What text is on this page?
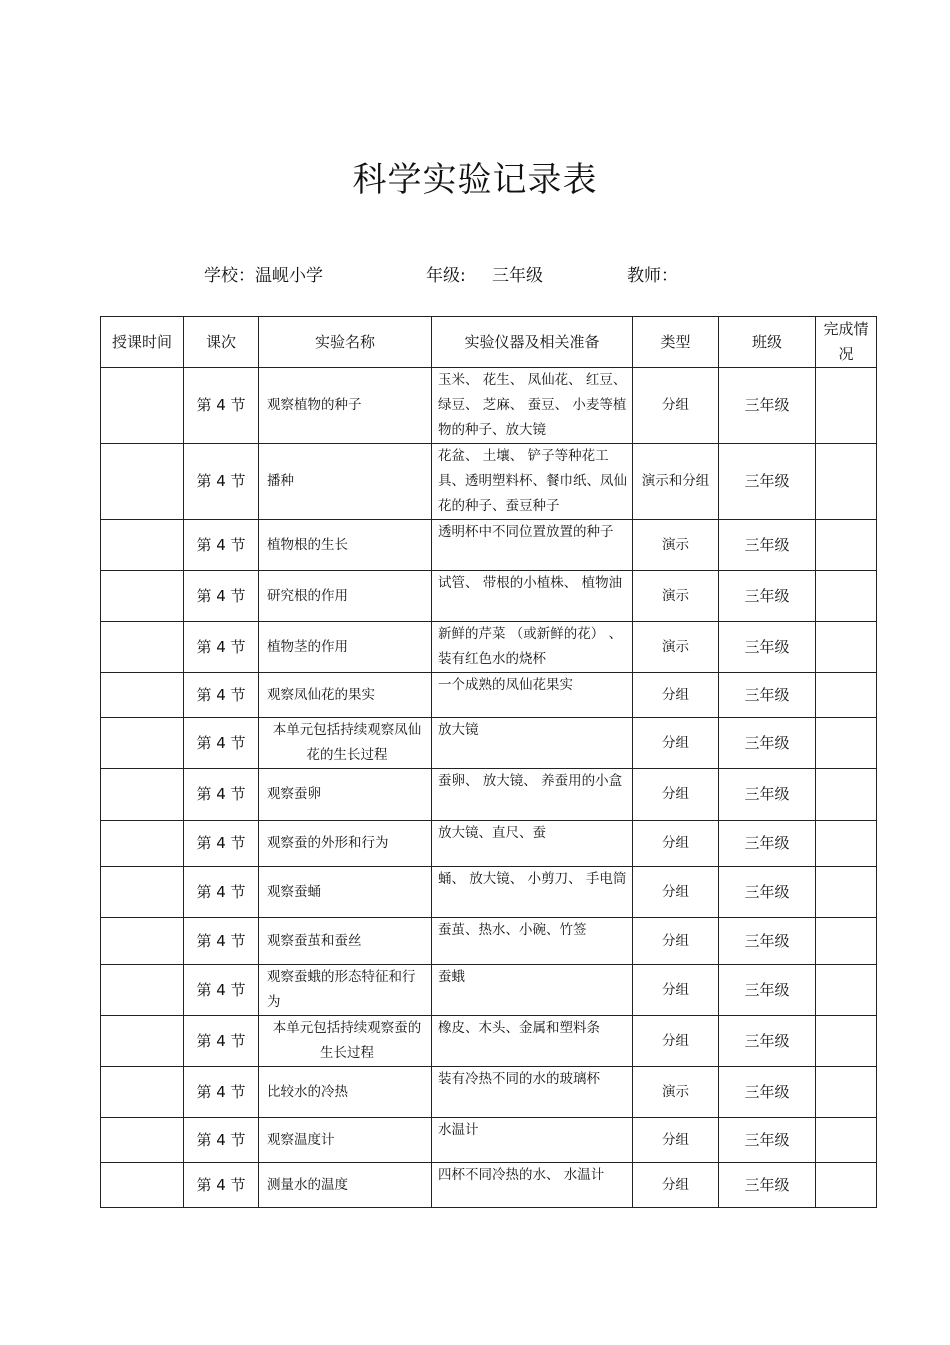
科学实验记录表
学校：温岘小学	年级: 三年级	教师：
授课时间	课次	实验名称	实验仪器及相关准备	类型	班级	完成情况
	第 4 节	观察植物的种子	玉米、 花生、 凤仙花、 红豆、绿豆、 芝麻、 蚕豆、 小麦等植物的种子、放大镜	分组	三年级	
	第 4 节	播种	花盆、 土壤、 铲子等种花工具、透明塑料杯、餐巾纸、凤仙花的种子、蚕豆种子	演示和分组	三年级	
	第 4 节	植物根的生长	透明杯中不同位置放置的种子	演示	三年级	
	第 4 节	研究根的作用	试管、 带根的小植株、 植物油	演示	三年级	
	第 4 节	植物茎的作用	新鲜的芹菜 （或新鲜的花） 、装有红色水的烧杯	演示	三年级	
	第 4 节	观察凤仙花的果实	一个成熟的凤仙花果实	分组	三年级	
	第 4 节	本单元包括持续观察凤仙花的生长过程	放大镜	分组	三年级	
	第 4 节	观察蚕卵	蚕卵、 放大镜、 养蚕用的小盒	分组	三年级	
	第 4 节	观察蚕的外形和行为	放大镜、直尺、蚕	分组	三年级	
	第 4 节	观察蚕蛹	蛹、 放大镜、 小剪刀、 手电筒	分组	三年级	
	第 4 节	观察蚕茧和蚕丝	蚕茧、热水、小碗、竹签	分组	三年级	
	第 4 节	观察蚕蛾的形态特征和行为	蚕蛾	分组	三年级	
	第 4 节	本单元包括持续观察蚕的生长过程	橡皮、木头、金属和塑料条	分组	三年级	
	第 4 节	比较水的冷热	装有冷热不同的水的玻璃杯	演示	三年级	
	第 4 节	观察温度计	水温计	分组	三年级	
	第 4 节	测量水的温度	四杯不同冷热的水、 水温计	分组	三年级	
